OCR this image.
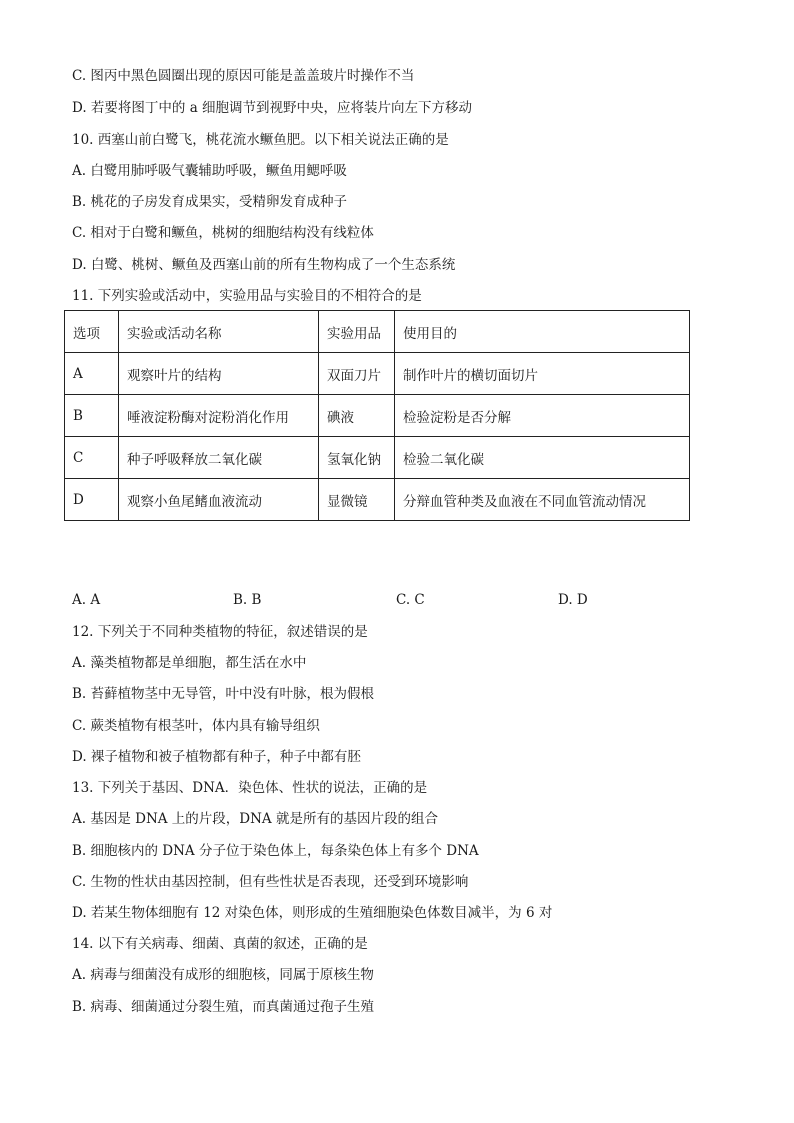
C. 图丙中黑色圆圈出现的原因可能是盖盖玻片时操作不当
D. 若要将图丁中的 a 细胞调节到视野中央，应将装片向左下方移动
10. 西塞山前白鹭飞，桃花流水鳜鱼肥。以下相关说法正确的是
A. 白鹭用肺呼吸气囊辅助呼吸，鳜鱼用鳃呼吸
B. 桃花的子房发育成果实，受精卵发育成种子
C. 相对于白鹭和鳜鱼，桃树的细胞结构没有线粒体
D. 白鹭、桃树、鳜鱼及西塞山前的所有生物构成了一个生态系统
11. 下列实验或活动中，实验用品与实验目的不相符合的是
选项	实验或活动名称	实验用品	使用目的
A	观察叶片的结构	双面刀片	制作叶片的横切面切片
B	唾液淀粉酶对淀粉消化作用	碘液	检验淀粉是否分解
C	种子呼吸释放二氧化碳	氢氧化钠	检验二氧化碳
D	观察小鱼尾鳍血液流动	显微镜	分辩血管种类及血液在不同血管流动情况
A. A	B. B	C. C	D. D
12. 下列关于不同种类植物的特征，叙述错误的是
A. 藻类植物都是单细胞，都生活在水中
B. 苔藓植物茎中无导管，叶中没有叶脉，根为假根
C. 蕨类植物有根茎叶，体内具有输导组织
D. 裸子植物和被子植物都有种子，种子中都有胚
13. 下列关于基因、DNA．染色体、性状的说法，正确的是
A. 基因是 DNA 上的片段，DNA 就是所有的基因片段的组合
B. 细胞核内的 DNA 分子位于染色体上，每条染色体上有多个 DNA
C. 生物的性状由基因控制，但有些性状是否表现，还受到环境影响
D. 若某生物体细胞有 12 对染色体，则形成的生殖细胞染色体数目减半，为 6 对
14. 以下有关病毒、细菌、真菌的叙述，正确的是
A. 病毒与细菌没有成形的细胞核，同属于原核生物
B. 病毒、细菌通过分裂生殖，而真菌通过孢子生殖
